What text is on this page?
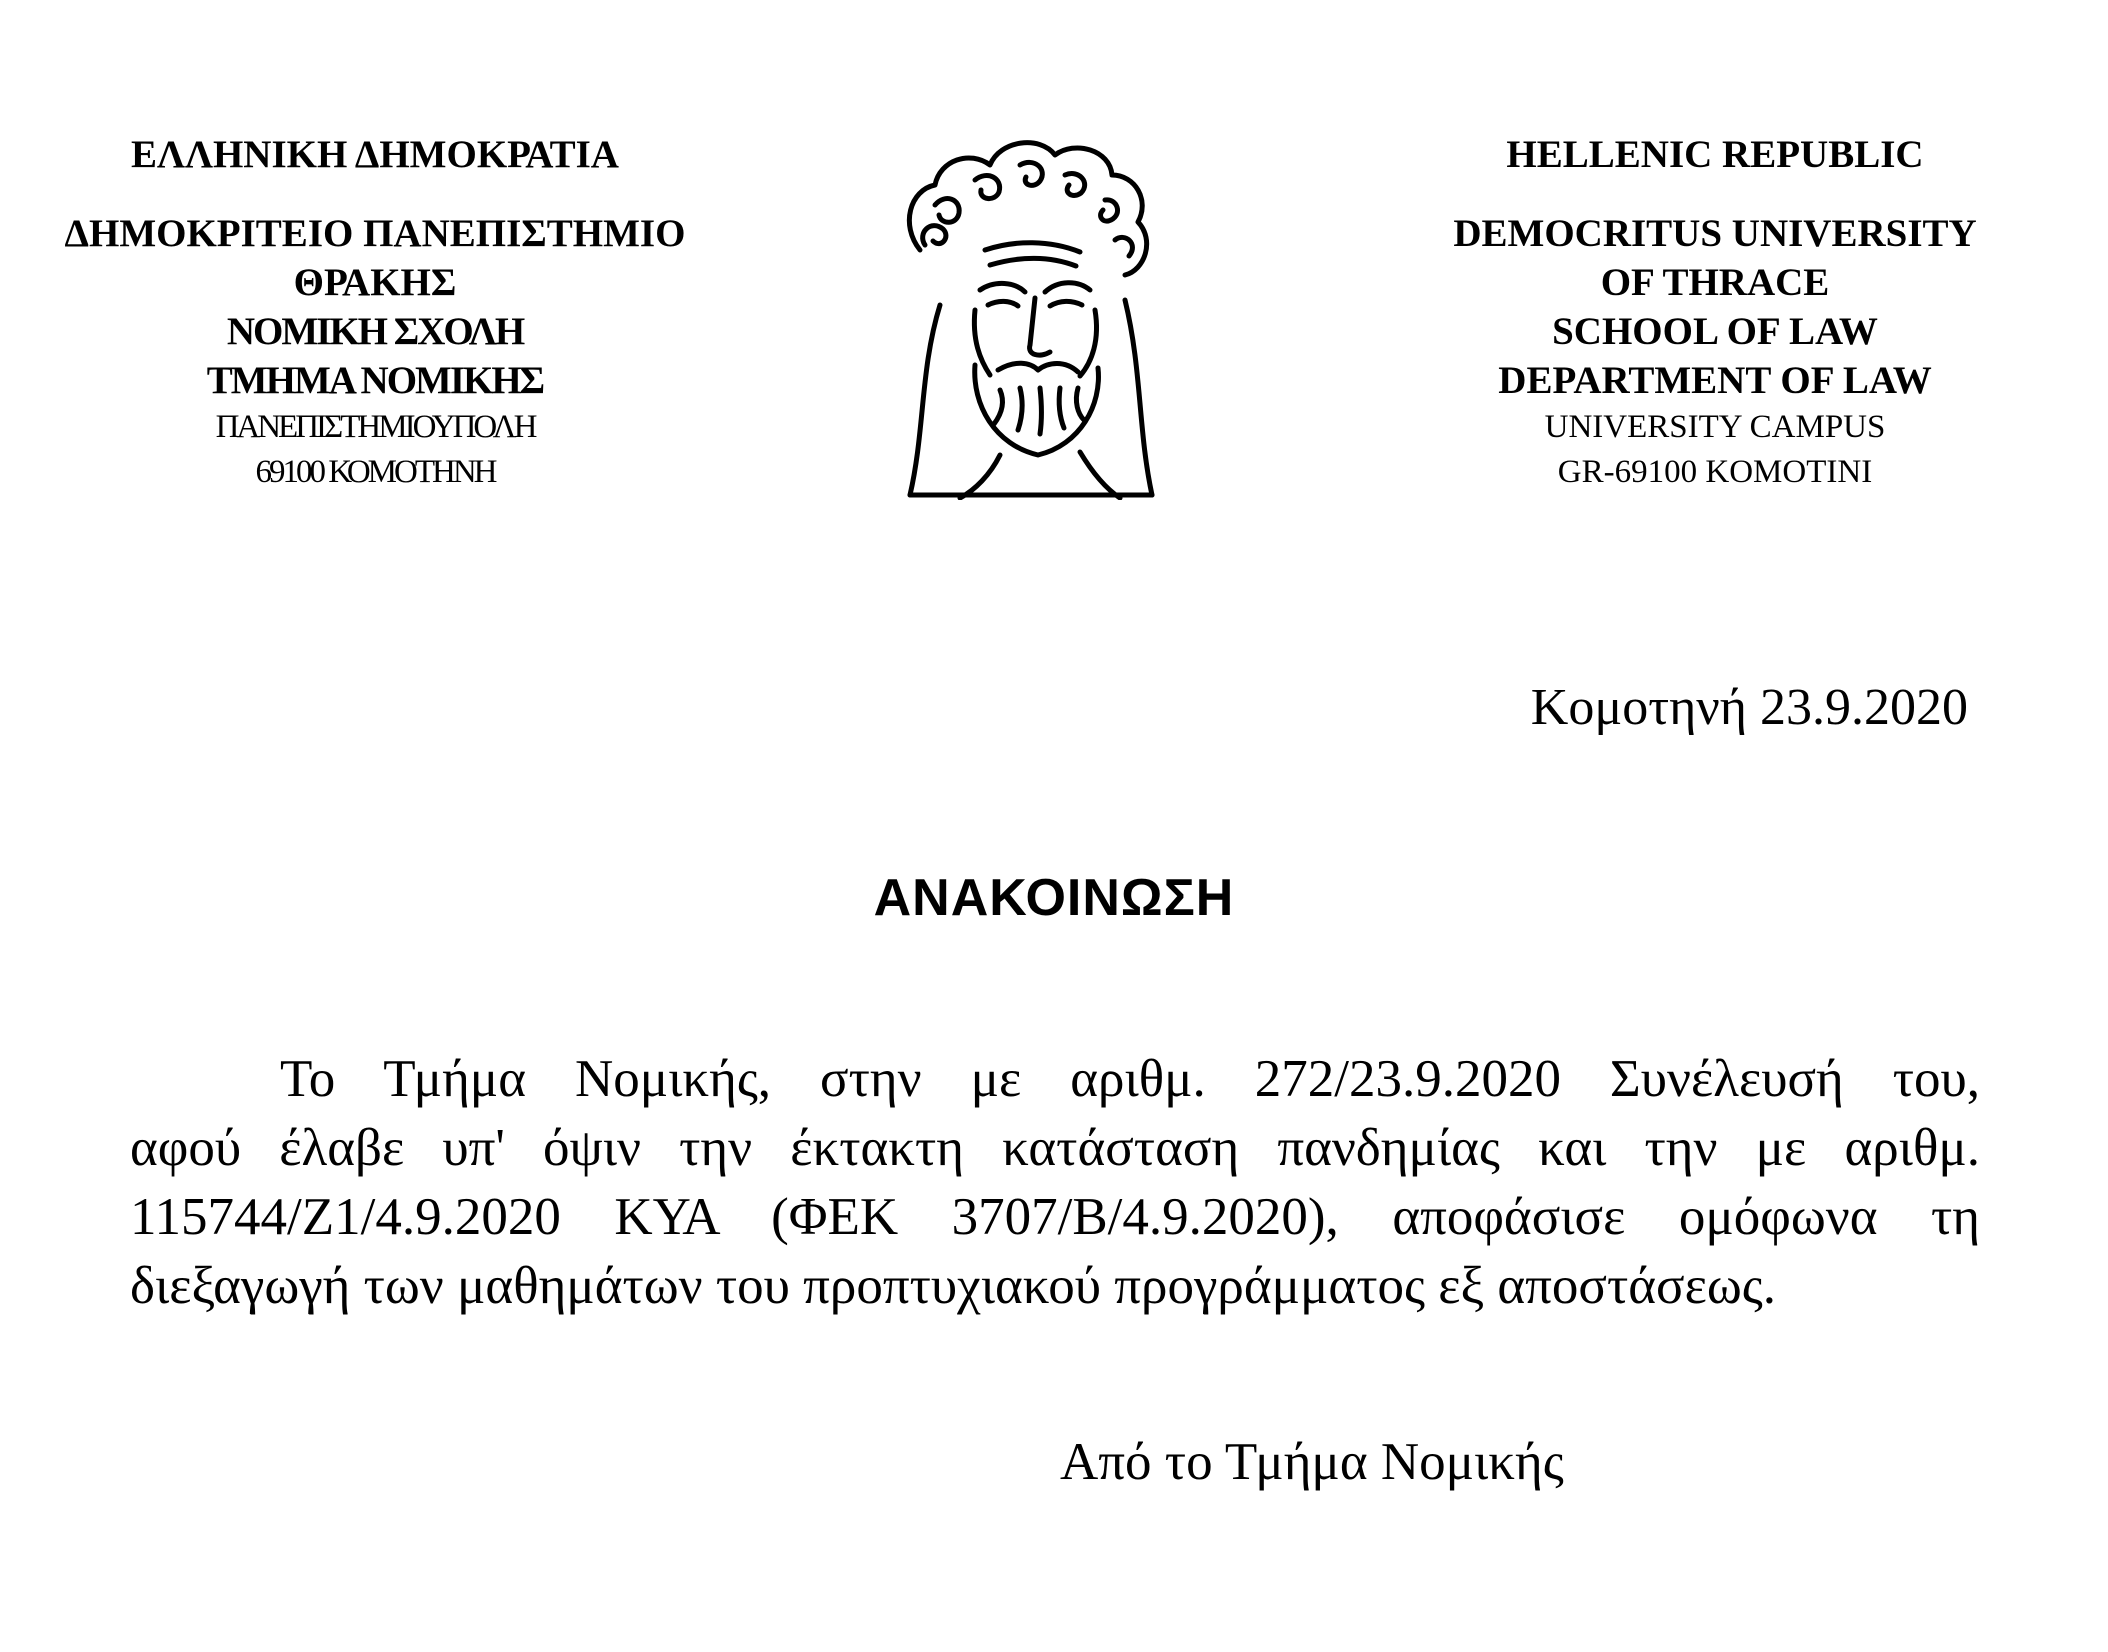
ΕΛΛΗΝΙΚΗ ΔΗΜΟΚΡΑΤΙΑ
ΔΗΜΟΚΡΙΤΕΙΟ ΠΑΝΕΠΙΣΤΗΜΙΟ
ΘΡΑΚΗΣ
ΝΟΜΙΚΗ ΣΧΟΛΗ
ΤΜΗΜΑ ΝΟΜΙΚΗΣ
ΠΑΝΕΠΙΣΤΗΜΙΟΥΠΟΛΗ
69100 ΚΟΜΟΤΗΝΗ
HELLENIC REPUBLIC
DEMOCRITUS UNIVERSITY
OF THRACE
SCHOOL OF LAW
DEPARTMENT OF LAW
UNIVERSITY CAMPUS
GR-69100 KOMOTINI
Κομοτηνή 23.9.2020
ΑΝΑΚΟΙΝΩΣΗ
Το Τμήμα Νομικής, στην με αριθμ. 272/23.9.2020 Συνέλευσή του,
αφού έλαβε υπ' όψιν την έκτακτη κατάσταση πανδημίας και την με αριθμ.
115744/Ζ1/4.9.2020 ΚΥΑ (ΦΕΚ 3707/Β/4.9.2020), αποφάσισε ομόφωνα τη
διεξαγωγή των μαθημάτων του προπτυχιακού προγράμματος εξ αποστάσεως.
Από το Τμήμα Νομικής
